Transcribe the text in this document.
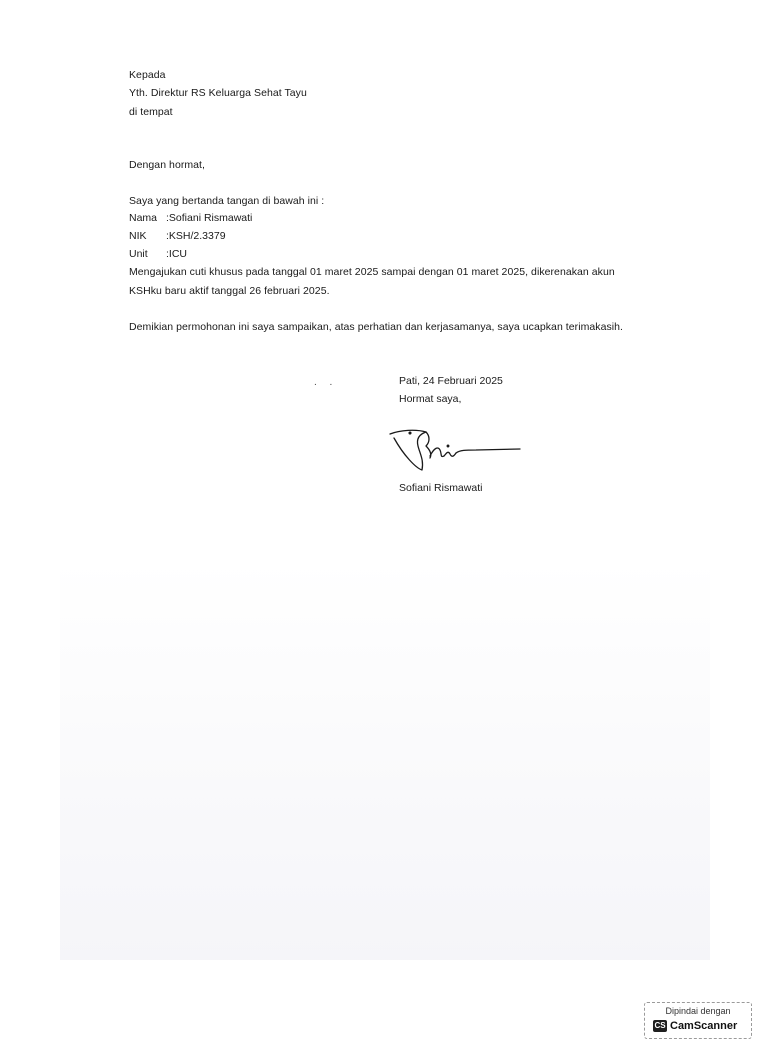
Kepada
Yth. Direktur RS Keluarga Sehat Tayu
di tempat
Dengan hormat,
Saya yang bertanda tangan di bawah ini :
Nama :Sofiani Rismawati
NIK :KSH/2.3379
Unit :ICU
Mengajukan cuti khusus pada tanggal 01 maret 2025 sampai dengan 01 maret 2025, dikerenakan akun
KSHku baru aktif tanggal 26 februari 2025.
Demikian permohonan ini saya sampaikan, atas perhatian dan kerjasamanya, saya ucapkan terimakasih.
. .	Pati, 24 Februari 2025
Hormat saya,
Sofiani Rismawati
Dipindai dengan
CS CamScanner
